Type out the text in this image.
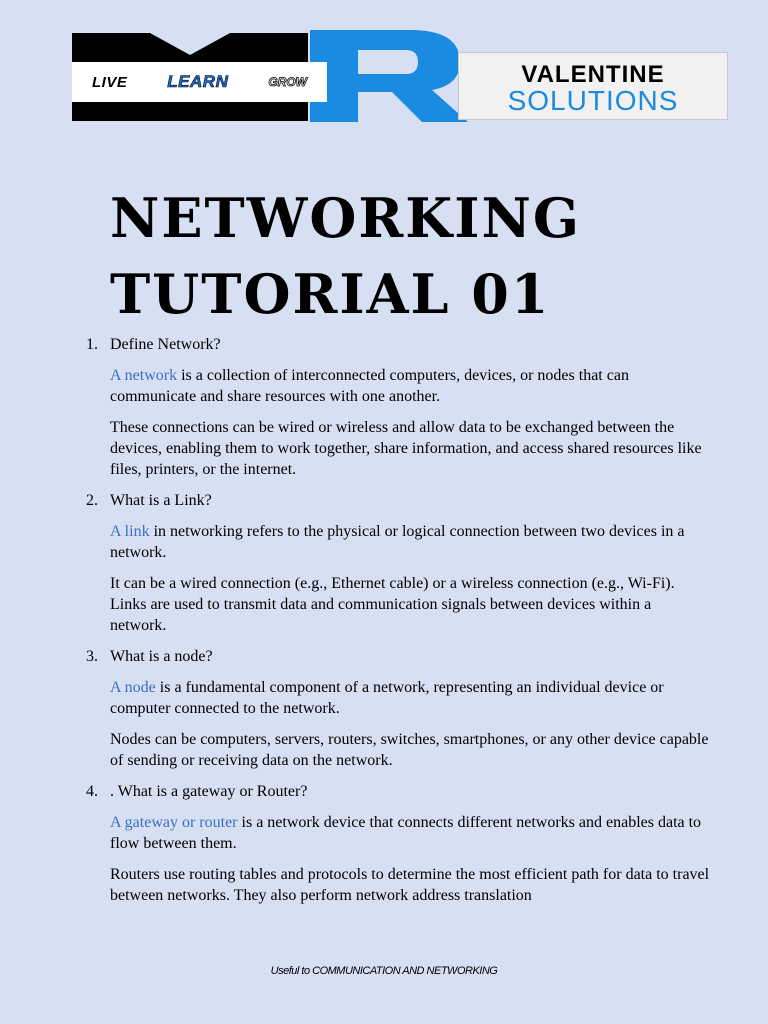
LIVE LEARN	GROW	VALENTINE
SOLUTIONS
NETWORKING
TUTORIAL 01
1. Define Network?

A network is a collection of interconnected computers, devices, or nodes that can communicate and share resources with one another.

These connections can be wired or wireless and allow data to be exchanged between the devices, enabling them to work together, share information, and access shared resources like files, printers, or the internet.

2. What is a Link?

A link in networking refers to the physical or logical connection between two devices in a network.

It can be a wired connection (e.g., Ethernet cable) or a wireless connection (e.g., Wi-Fi). Links are used to transmit data and communication signals between devices within a network.

3. What is a node?

A node is a fundamental component of a network, representing an individual device or computer connected to the network.

Nodes can be computers, servers, routers, switches, smartphones, or any other device capable of sending or receiving data on the network.

4. . What is a gateway or Router?

A gateway or router is a network device that connects different networks and enables data to flow between them.

Routers use routing tables and protocols to determine the most efficient path for data to travel between networks. They also perform network address translation

Useful to COMMUNICATION AND NETWORKING
